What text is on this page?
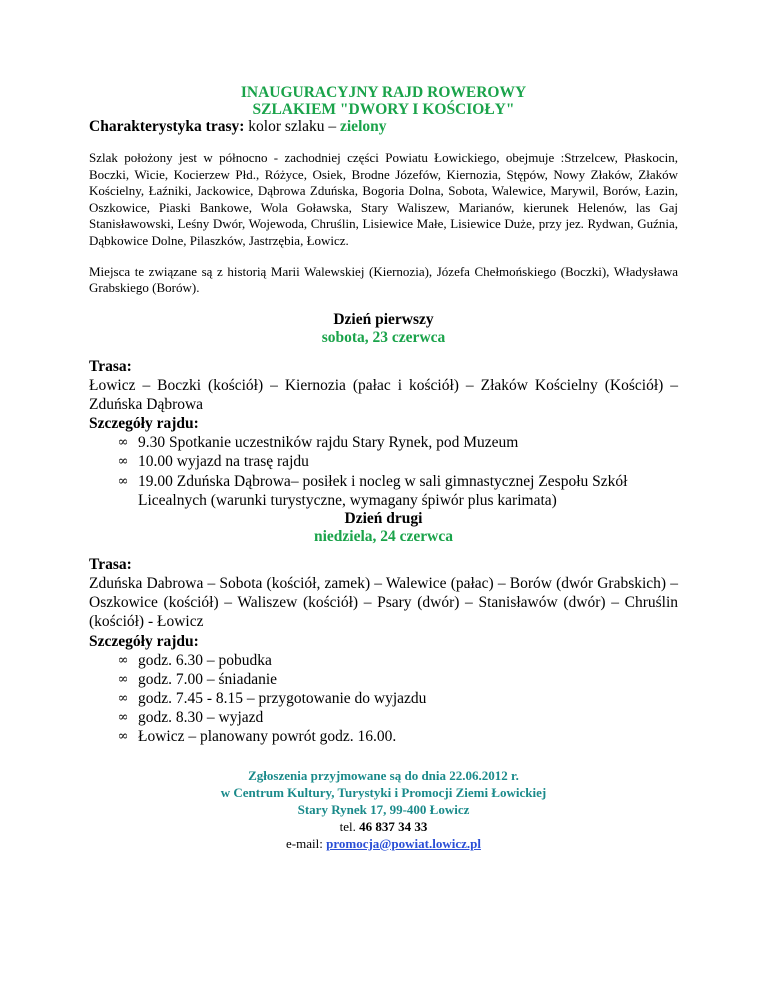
INAUGURACYJNY RAJD ROWEROWY

SZLAKIEM "DWORY I KOŚCIOŁY"

Charakterystyka trasy: kolor szlaku – zielony

Szlak położony jest w północno - zachodniej części Powiatu Łowickiego, obejmuje :Strzelcew, Płaskocin, Boczki, Wicie, Kocierzew Płd., Różyce, Osiek, Brodne Józefów, Kiernozia, Stępów, Nowy Złaków, Złaków Kościelny, Łaźniki, Jackowice, Dąbrowa Zduńska, Bogoria Dolna, Sobota, Walewice, Marywil, Borów, Łazin, Oszkowice, Piaski Bankowe, Wola Goławska, Stary Waliszew, Marianów, kierunek Helenów, las Gaj Stanisławowski, Leśny Dwór, Wojewoda, Chruślin, Lisiewice Małe, Lisiewice Duże, przy jez. Rydwan, Guźnia, Dąbkowice Dolne, Pilaszków, Jastrzębia, Łowicz.

Miejsca te związane są z historią Marii Walewskiej (Kiernozia), Józefa Chełmońskiego (Boczki), Władysława Grabskiego (Borów).

Dzień pierwszy

sobota, 23 czerwca

Trasa:

Łowicz – Boczki (kościół) – Kiernozia (pałac i kościół) – Złaków Kościelny (Kościół) – Zduńska Dąbrowa

Szczegóły rajdu:

∞ 9.30 Spotkanie uczestników rajdu Stary Rynek, pod Muzeum
∞ 10.00 wyjazd na trasę rajdu
∞ 19.00 Zduńska Dąbrowa– posiłek i nocleg w sali gimnastycznej Zespołu Szkół Licealnych (warunki turystyczne, wymagany śpiwór plus karimata)

Dzień drugi

niedziela, 24 czerwca

Trasa:

Zduńska Dabrowa – Sobota (kościół, zamek) – Walewice (pałac) – Borów (dwór Grabskich) – Oszkowice (kościół) – Waliszew (kościół) – Psary (dwór) – Stanisławów (dwór) – Chruślin (kościół) - Łowicz

Szczegóły rajdu:

∞ godz. 6.30 – pobudka
∞ godz. 7.00 – śniadanie
∞ godz. 7.45 - 8.15 – przygotowanie do wyjazdu
∞ godz. 8.30 – wyjazd
∞ Łowicz – planowany powrót godz. 16.00.
Zgłoszenia przyjmowane są do dnia 22.06.2012 r.
w Centrum Kultury, Turystyki i Promocji Ziemi Łowickiej
Stary Rynek 17, 99-400 Łowicz
tel. 46 837 34 33
e-mail: promocja@powiat.lowicz.pl
